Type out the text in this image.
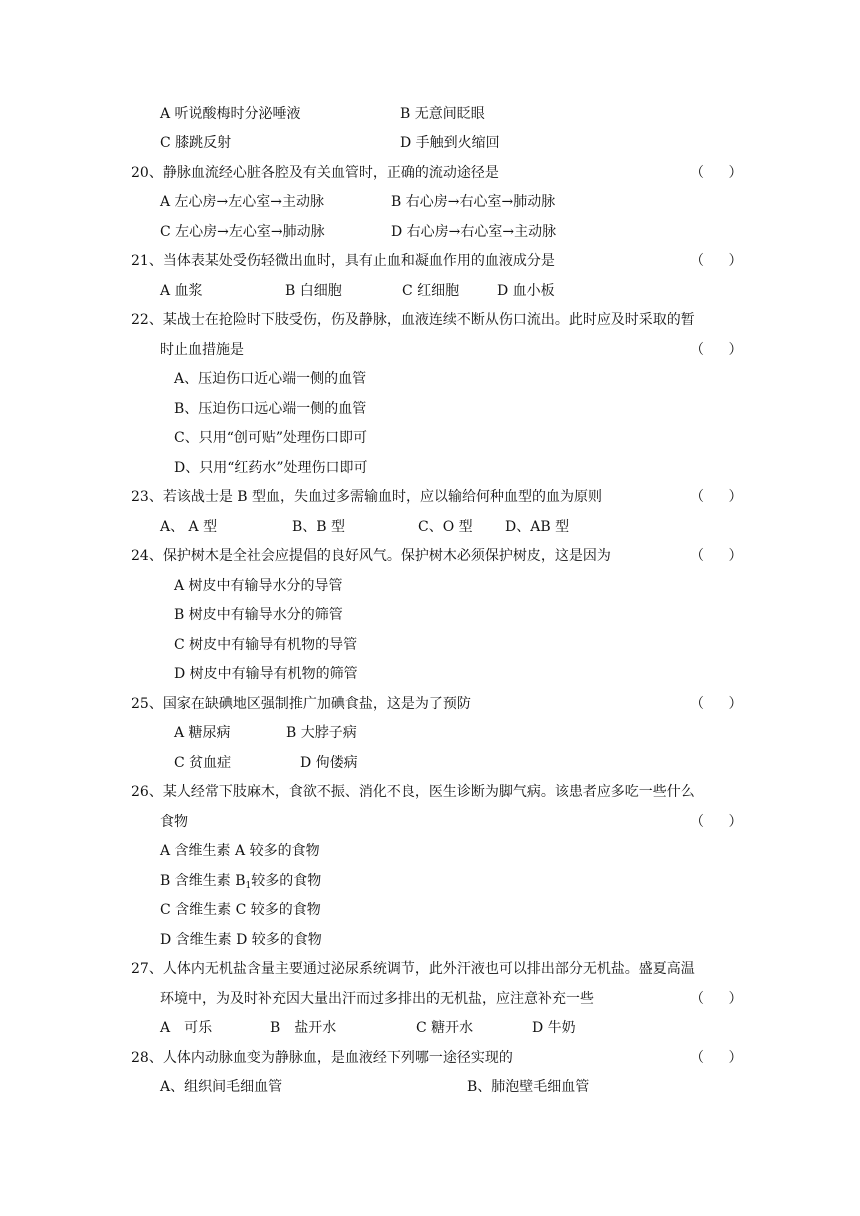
A 听说酸梅时分泌唾液	B 无意间眨眼
C 膝跳反射	D 手触到火缩回
20、静脉血流经心脏各腔及有关血管时，正确的流动途径是	（ ）
A 左心房→左心室→主动脉	B 右心房→右心室→肺动脉
C 左心房→左心室→肺动脉	D 右心房→右心室→主动脉
21、当体表某处受伤轻微出血时，具有止血和凝血作用的血液成分是	（ ）
A 血浆	B 白细胞	C 红细胞	D 血小板
22、某战士在抢险时下肢受伤，伤及静脉，血液连续不断从伤口流出。此时应及时采取的暂
时止血措施是	（ ）
A、压迫伤口近心端一侧的血管
B、压迫伤口远心端一侧的血管
C、只用“创可贴”处理伤口即可
D、只用“红药水”处理伤口即可
23、若该战士是 B 型血，失血过多需输血时，应以输给何种血型的血为原则	（ ）
A、 A 型	B、B 型	C、O 型 D、AB 型
24、保护树木是全社会应提倡的良好风气。保护树木必须保护树皮，这是因为	（ ）
A 树皮中有输导水分的导管
B 树皮中有输导水分的筛管
C 树皮中有输导有机物的导管
D 树皮中有输导有机物的筛管
25、国家在缺碘地区强制推广加碘食盐，这是为了预防	（ ）
A 糖尿病	B 大脖子病
C 贫血症	D 佝偻病
26、某人经常下肢麻木，食欲不振、消化不良，医生诊断为脚气病。该患者应多吃一些什么
食物	（ ）
A 含维生素 A 较多的食物
B 含维生素 $B_1$较多的食物
C 含维生素 C 较多的食物
D 含维生素 D 较多的食物
27、人体内无机盐含量主要通过泌尿系统调节，此外汗液也可以排出部分无机盐。盛夏高温
环境中，为及时补充因大量出汗而过多排出的无机盐，应注意补充一些	（ ）
A　可乐	B　盐开水	C 糖开水	D 牛奶
28、人体内动脉血变为静脉血，是血液经下列哪一途径实现的	（ ）
A、组织间毛细血管	B、肺泡壁毛细血管
